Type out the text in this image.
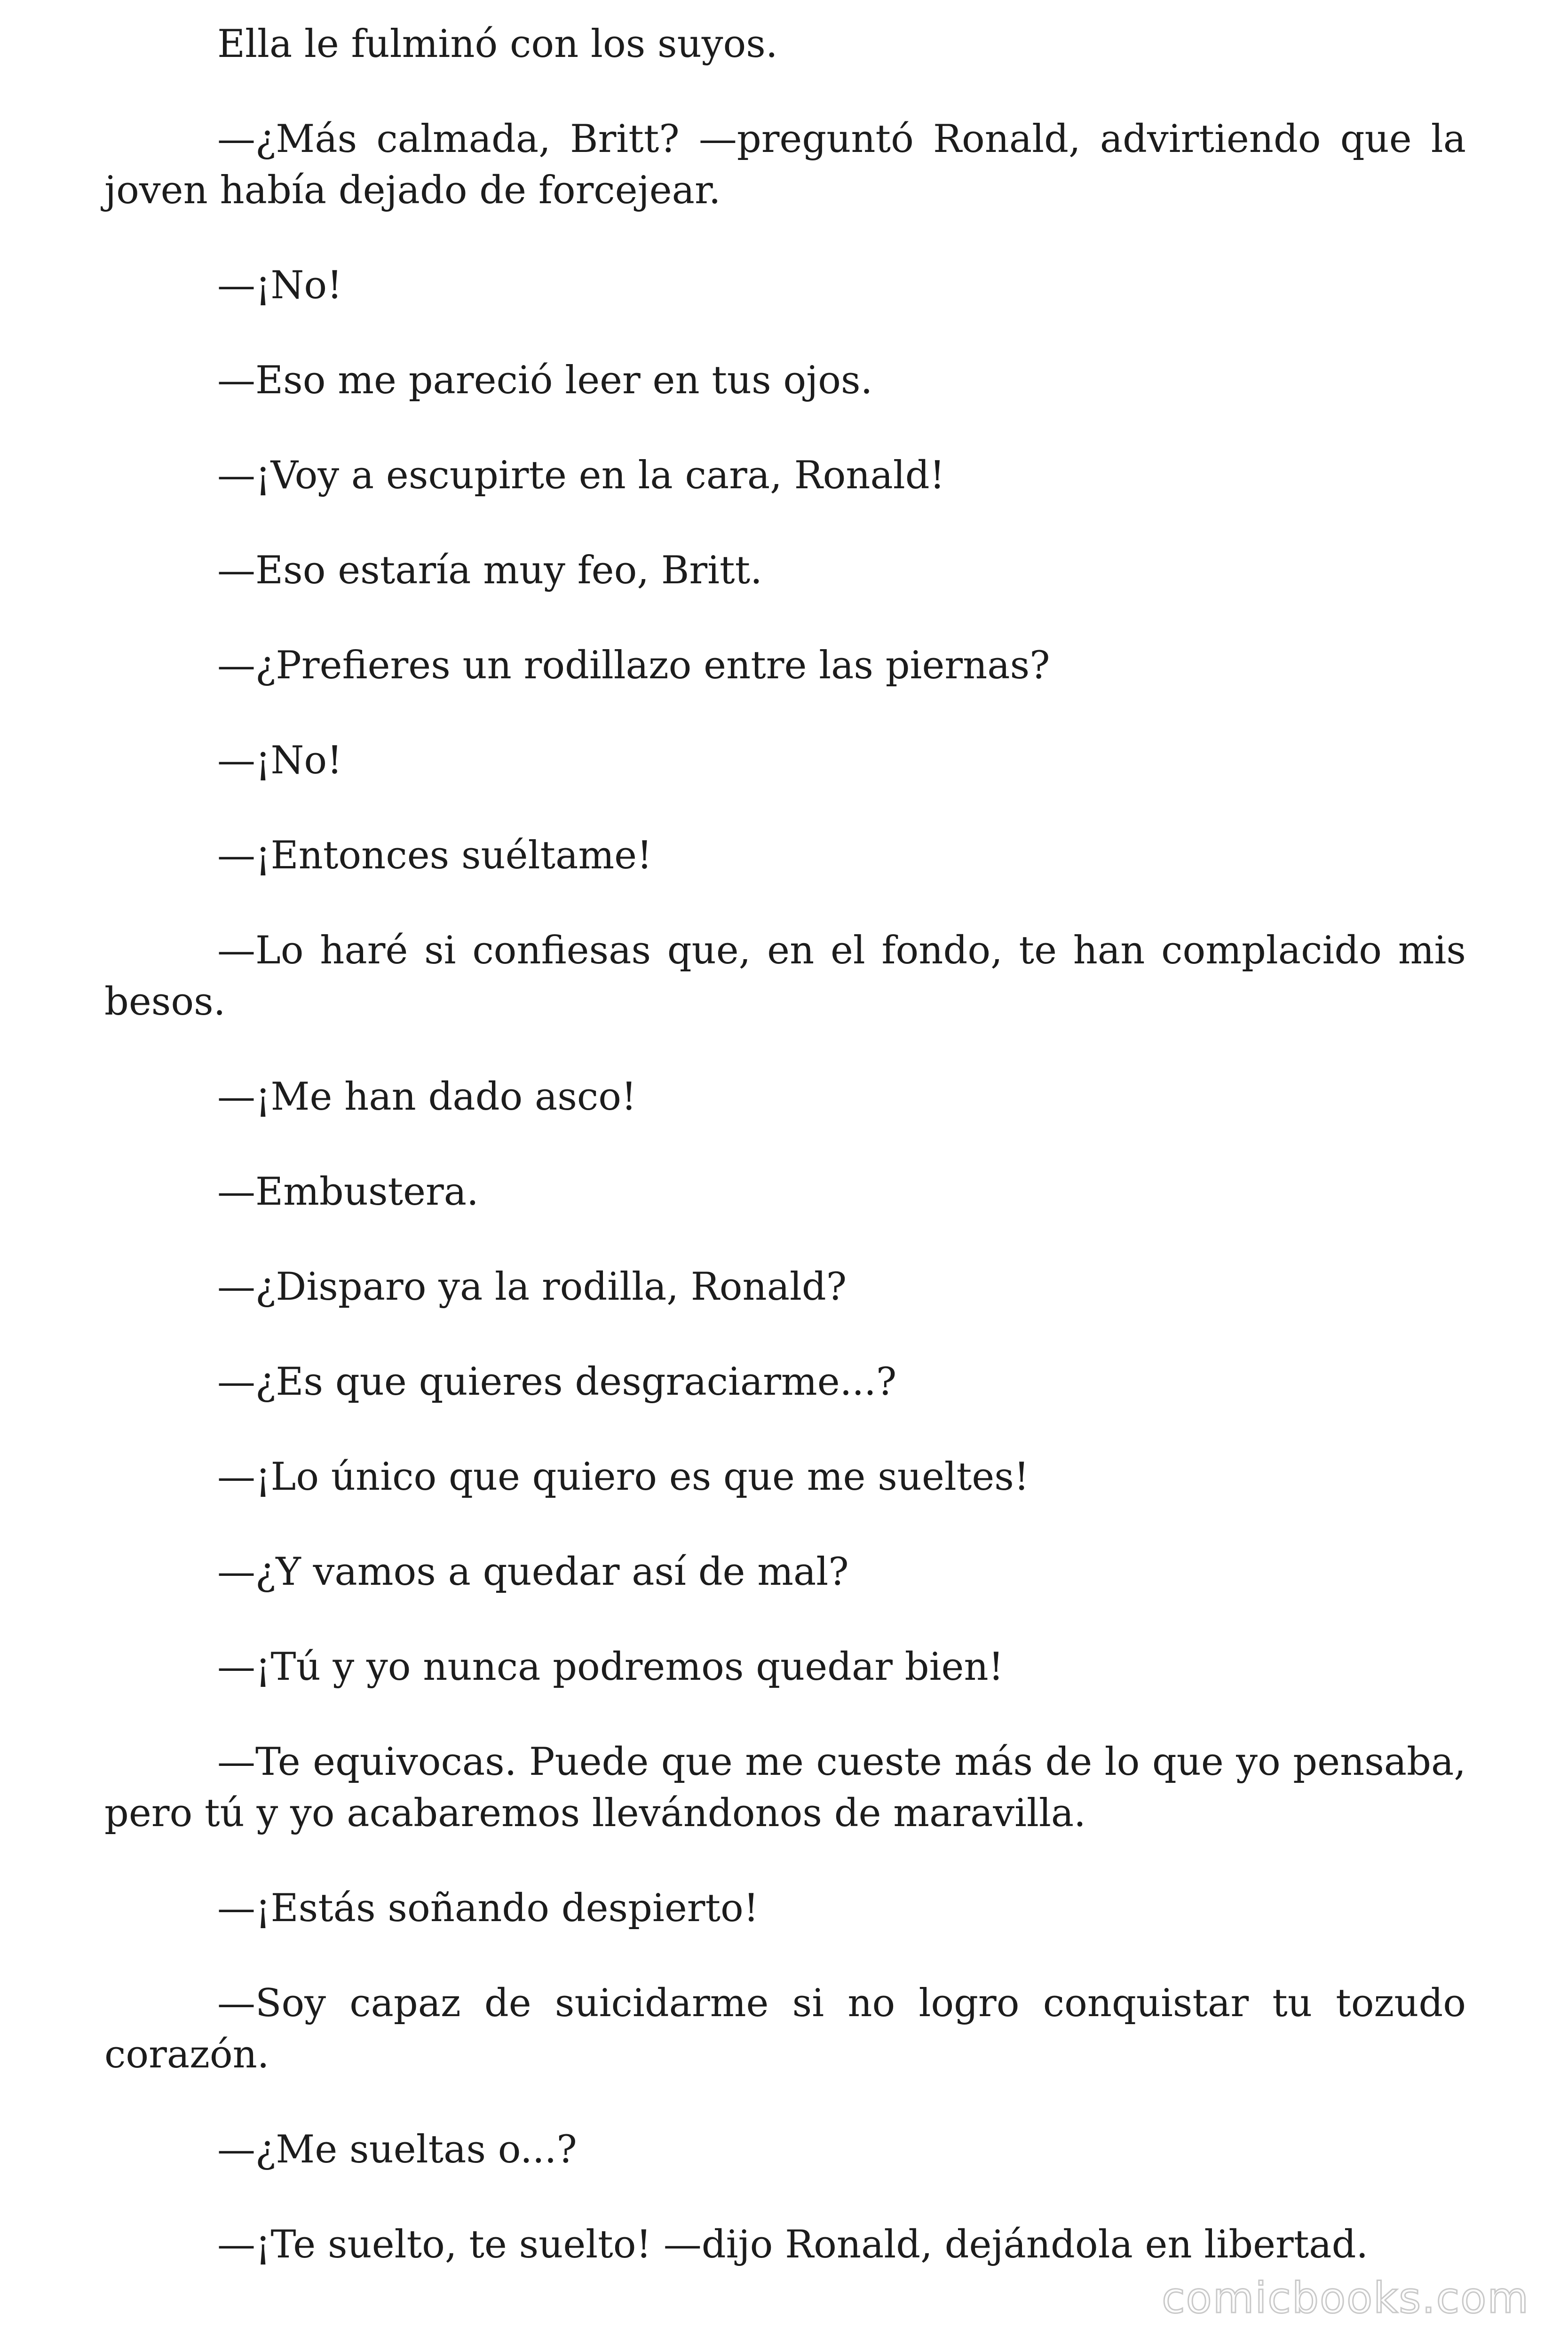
Ella le fulminó con los suyos.

—¿Más calmada, Britt? —preguntó Ronald, advirtiendo que la joven había dejado de forcejear.

—¡No!

—Eso me pareció leer en tus ojos.

—¡Voy a escupirte en la cara, Ronald!

—Eso estaría muy feo, Britt.

—¿Prefieres un rodillazo entre las piernas?

—¡No!

—¡Entonces suéltame!

—Lo haré si confiesas que, en el fondo, te han complacido mis besos.

—¡Me han dado asco!

—Embustera.

—¿Disparo ya la rodilla, Ronald?

—¿Es que quieres desgraciarme...?

—¡Lo único que quiero es que me sueltes!

—¿Y vamos a quedar así de mal?

—¡Tú y yo nunca podremos quedar bien!

—Te equivocas. Puede que me cueste más de lo que yo pensaba, pero tú y yo acabaremos llevándonos de maravilla.

—¡Estás soñando despierto!

—Soy capaz de suicidarme si no logro conquistar tu tozudo corazón.

—¿Me sueltas o...?

—¡Te suelto, te suelto! —dijo Ronald, dejándola en libertad.

comicbooks.com
